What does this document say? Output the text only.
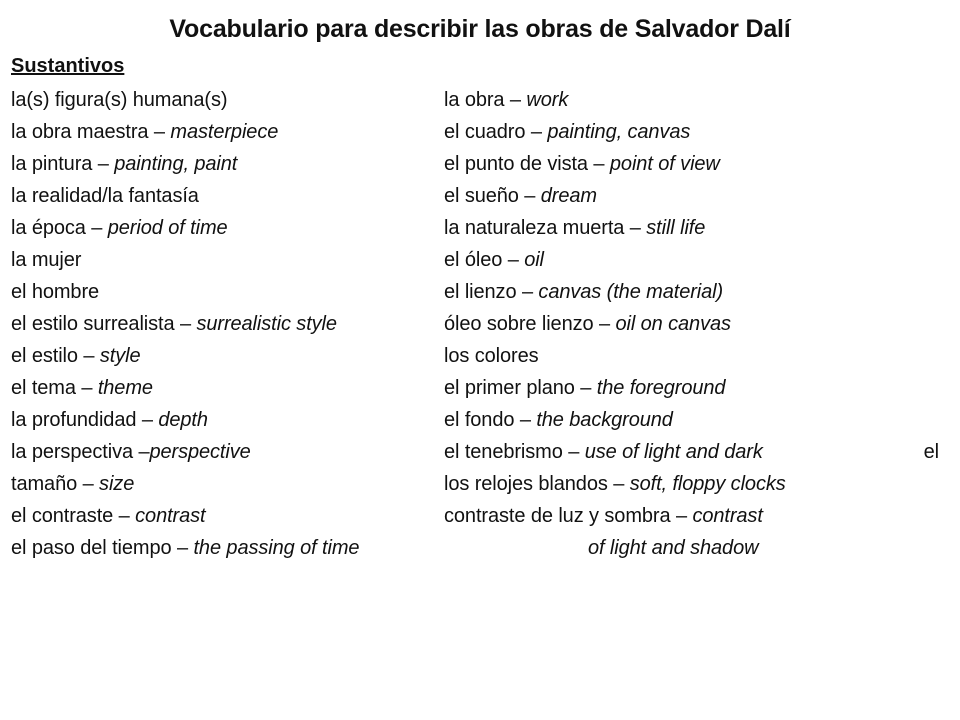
Vocabulario para describir las obras de Salvador Dalí
Sustantivos
la(s) figura(s) humana(s)
la obra maestra – masterpiece
la pintura – painting, paint
la realidad/la fantasía
la época – period of time
la mujer
el hombre
el estilo surrealista – surrealistic style
el estilo – style
el tema – theme
la profundidad – depth
la perspectiva –perspective
tamaño – size
el contraste – contrast
el paso del tiempo – the passing of time
la obra – work
el cuadro – painting, canvas
el punto de vista – point of view
el sueño – dream
la naturaleza muerta – still life
el óleo – oil
el lienzo – canvas (the material)
óleo sobre lienzo – oil on canvas
los colores
el primer plano – the foreground
el fondo – the background
el tenebrismo – use of light and dark	el
los relojes blandos – soft, floppy clocks
contraste de luz y sombra – contrast
of light and shadow
